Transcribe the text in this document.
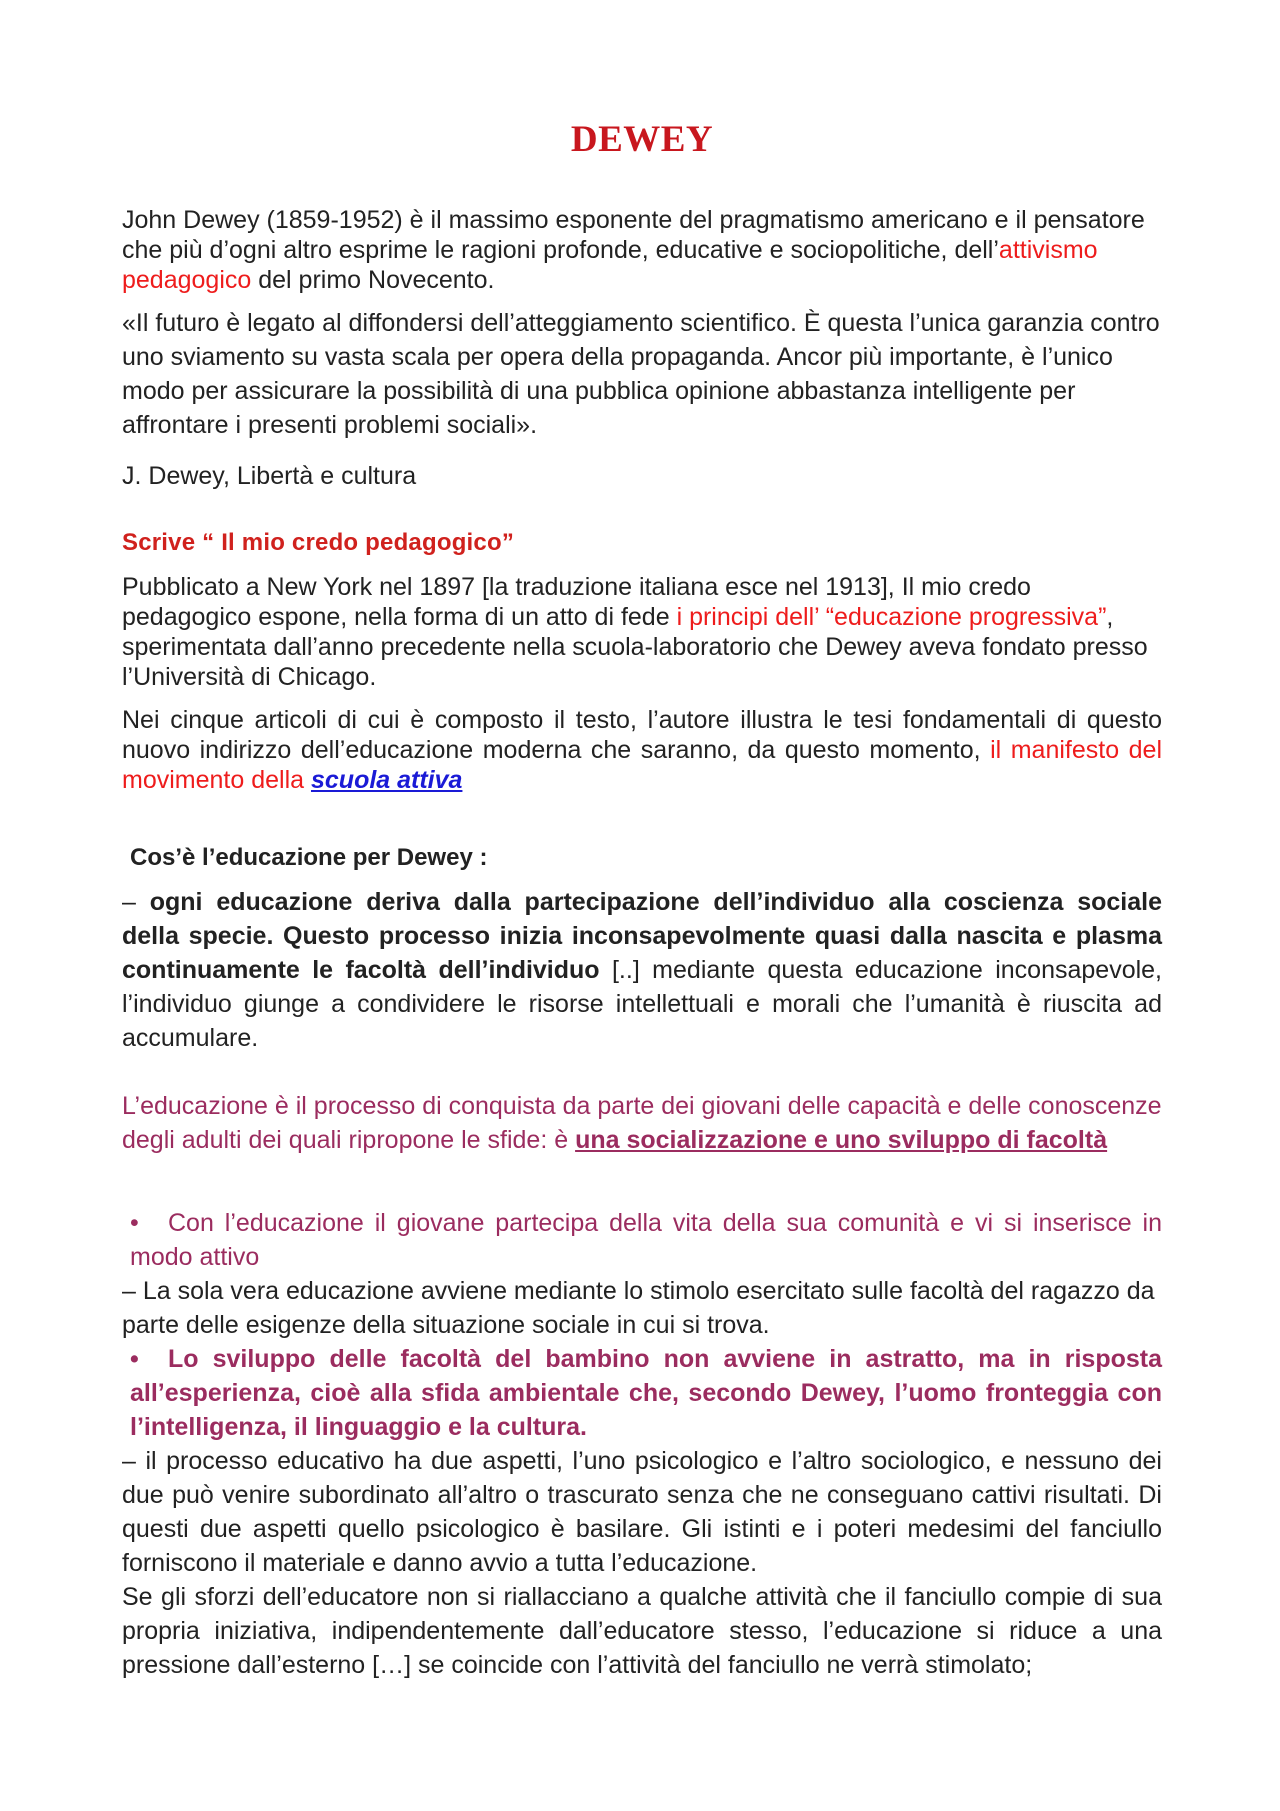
DEWEY

John Dewey (1859-1952) è il massimo esponente del pragmatismo americano e il pensatore che più d’ogni altro esprime le ragioni profonde, educative e sociopolitiche, dell’attivismo pedagogico del primo Novecento.

«Il futuro è legato al diffondersi dell’atteggiamento scientifico. È questa l’unica garanzia contro uno sviamento su vasta scala per opera della propaganda. Ancor più importante, è l’unico modo per assicurare la possibilità di una pubblica opinione abbastanza intelligente per affrontare i presenti problemi sociali».

J. Dewey, Libertà e cultura

Scrive “ Il mio credo pedagogico”

Pubblicato a New York nel 1897 [la traduzione italiana esce nel 1913], Il mio credo pedagogico espone, nella forma di un atto di fede i principi dell’ “educazione progressiva”, sperimentata dall’anno precedente nella scuola-laboratorio che Dewey aveva fondato presso l’Università di Chicago.

Nei cinque articoli di cui è composto il testo, l’autore illustra le tesi fondamentali di questo nuovo indirizzo dell’educazione moderna che saranno, da questo momento, il manifesto del movimento della scuola attiva

Cos’è l’educazione per Dewey :

– ogni educazione deriva dalla partecipazione dell’individuo alla coscienza sociale della specie. Questo processo inizia inconsapevolmente quasi dalla nascita e plasma continuamente le facoltà dell’individuo [..] mediante questa educazione inconsapevole, l’individuo giunge a condividere le risorse intellettuali e morali che l’umanità è riuscita ad accumulare.

L’educazione è il processo di conquista da parte dei giovani delle capacità e delle conoscenze degli adulti dei quali ripropone le sfide: è una socializzazione e uno sviluppo di facoltà

• Con l’educazione il giovane partecipa della vita della sua comunità e vi si inserisce in modo attivo

– La sola vera educazione avviene mediante lo stimolo esercitato sulle facoltà del ragazzo da parte delle esigenze della situazione sociale in cui si trova.

• Lo sviluppo delle facoltà del bambino non avviene in astratto, ma in risposta all’esperienza, cioè alla sfida ambientale che, secondo Dewey, l’uomo fronteggia con l’intelligenza, il linguaggio e la cultura.

– il processo educativo ha due aspetti, l’uno psicologico e l’altro sociologico, e nessuno dei due può venire subordinato all’altro o trascurato senza che ne conseguano cattivi risultati. Di questi due aspetti quello psicologico è basilare. Gli istinti e i poteri medesimi del fanciullo forniscono il materiale e danno avvio a tutta l’educazione.

Se gli sforzi dell’educatore non si riallacciano a qualche attività che il fanciullo compie di sua propria iniziativa, indipendentemente dall’educatore stesso, l’educazione si riduce a una pressione dall’esterno […] se coincide con l’attività del fanciullo ne verrà stimolato;
